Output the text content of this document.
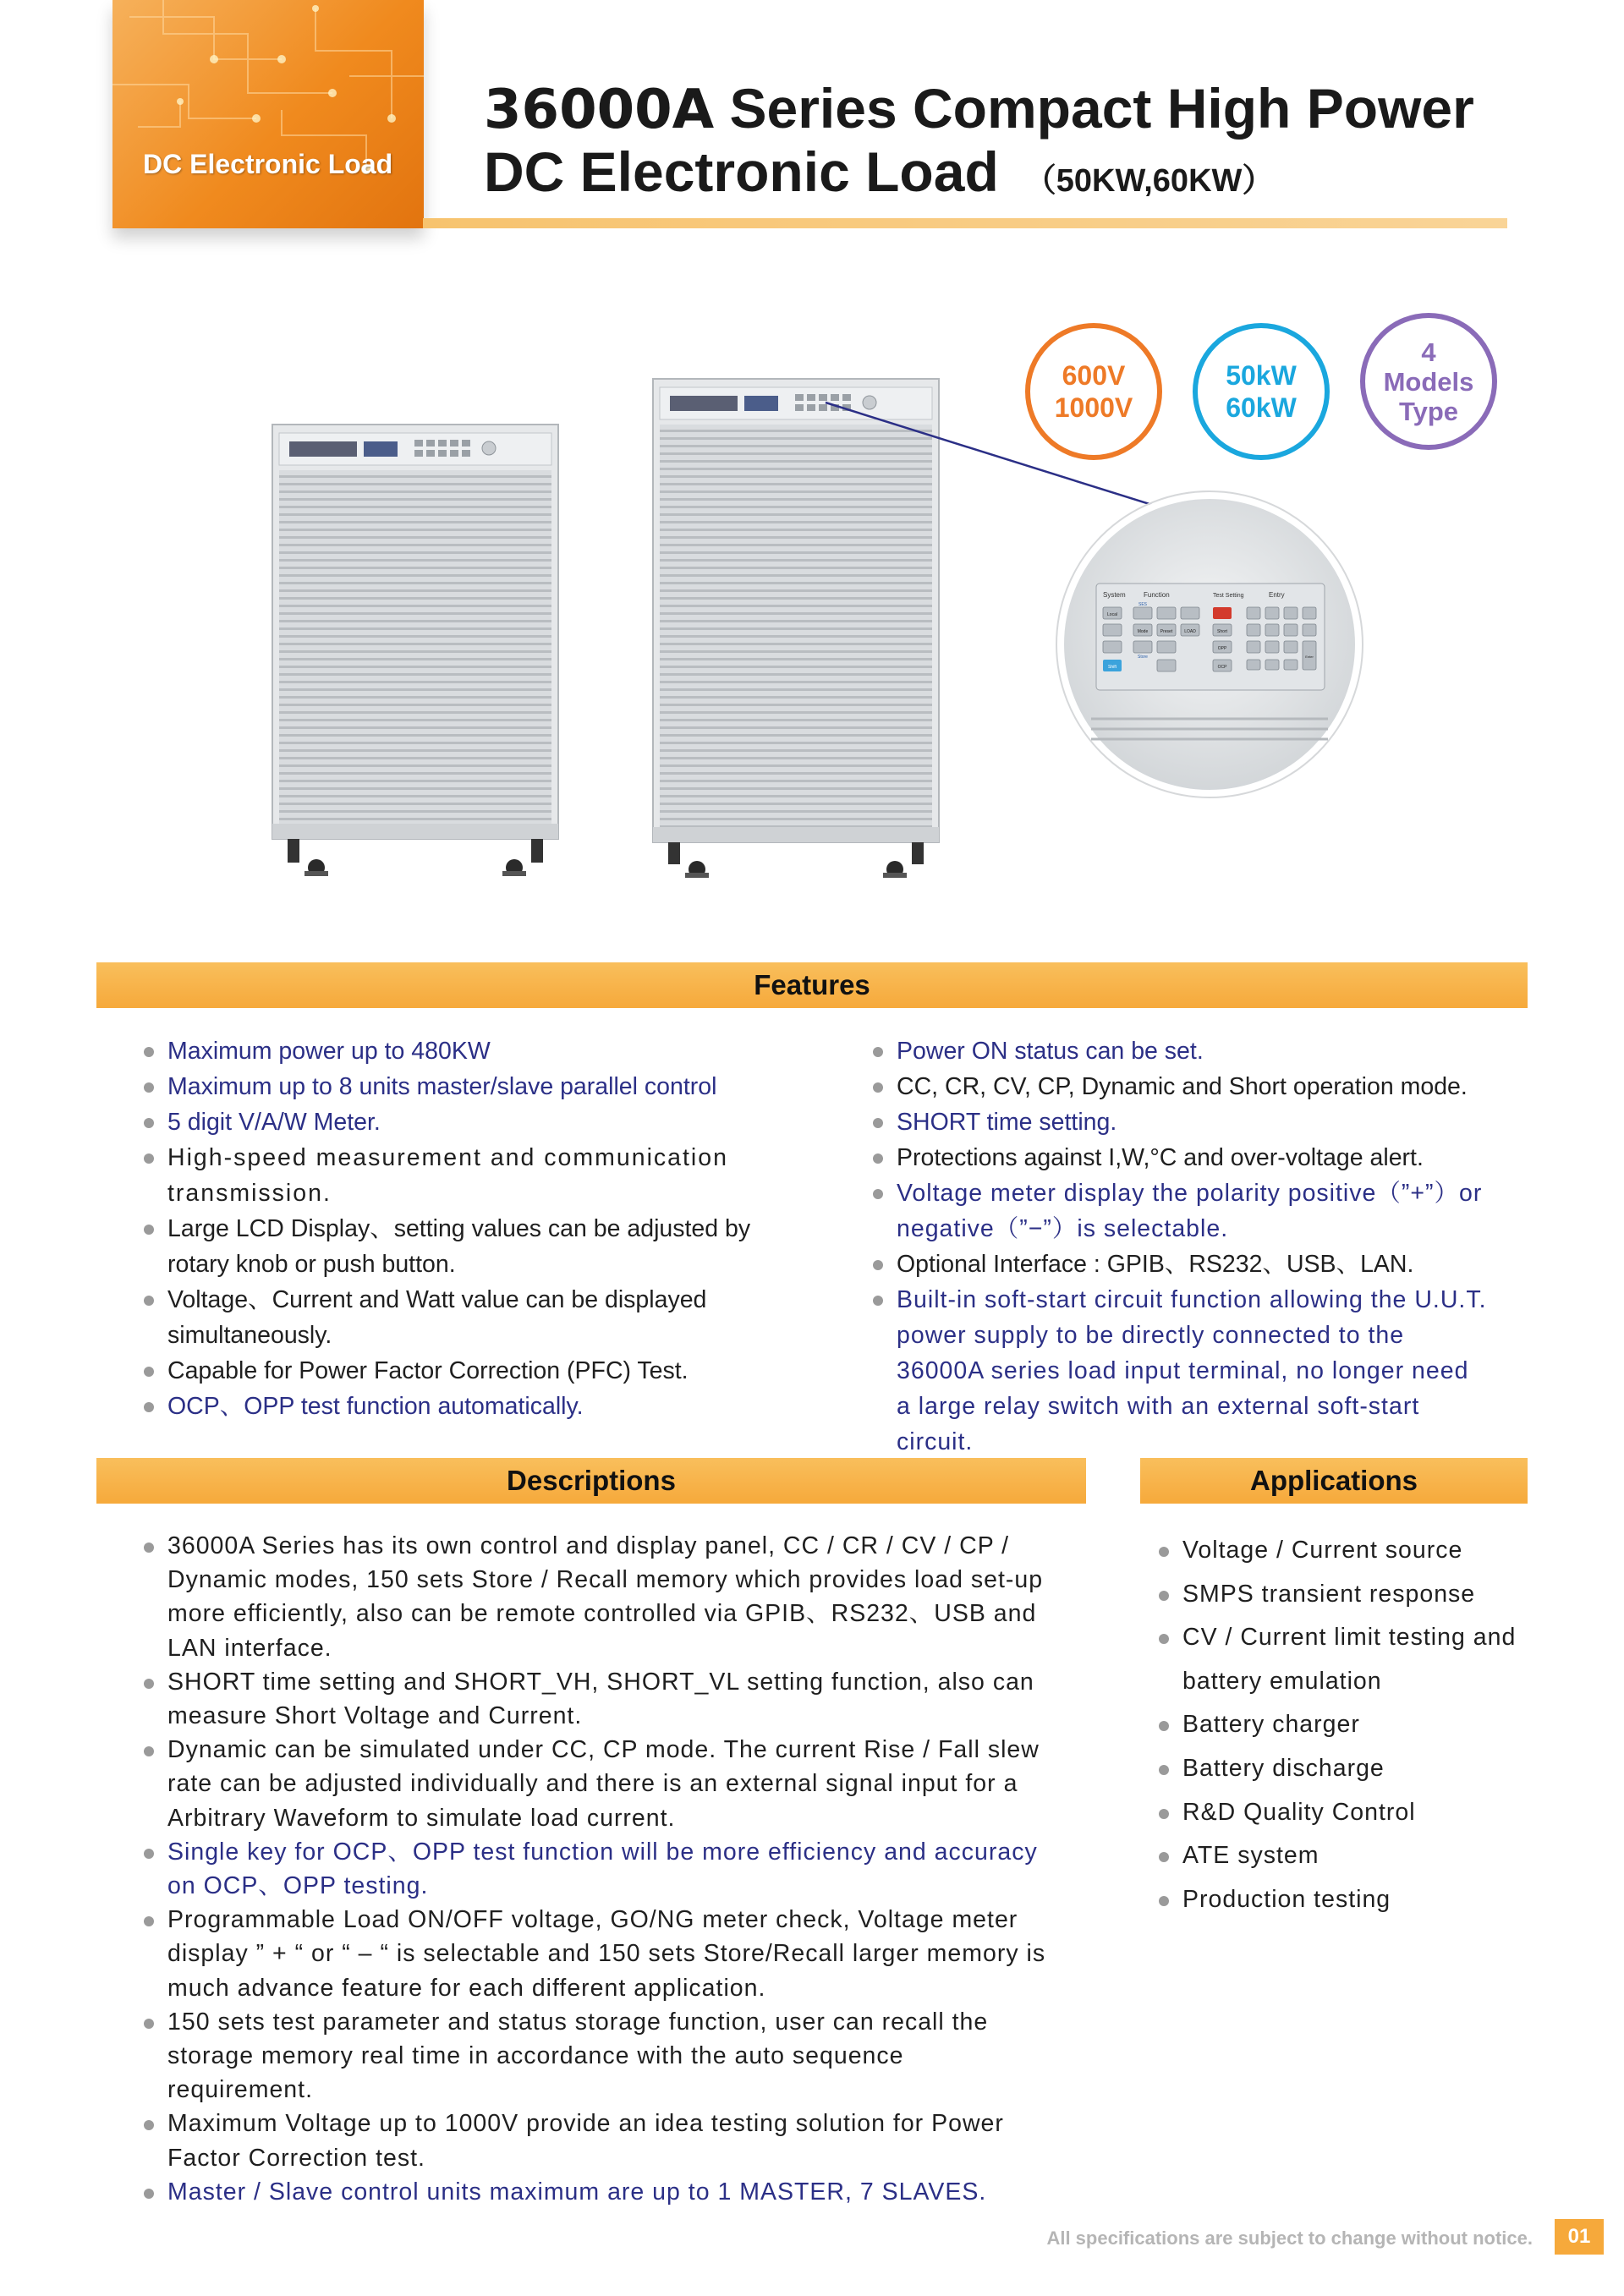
DC Electronic Load
36000A Series Compact High Power
DC Electronic Load （50KW,60KW）
600V
1000V
50kW
60kW
4
Models
Type
System	Function	Test Setting	Entry
Local
Shift
SES
Mode
Store
Preset	LOAD	Short
OPP
OCP
Enter
Features
Maximum power up to 480KW
Maximum up to 8 units master/slave parallel control
5 digit V/A/W Meter.
High-speed measurement and communication transmission.
Large LCD Display、setting values can be adjusted by rotary knob or push button.
Voltage、Current and Watt value can be displayed simultaneously.
Capable for Power Factor Correction (PFC) Test.
OCP、OPP test function automatically.
Power ON status can be set.
CC, CR, CV, CP, Dynamic and Short operation mode.
SHORT time setting.
Protections against I,W,°C and over-voltage alert.
Voltage meter display the polarity positive（”+”）or negative（”−”）is selectable.
Optional Interface : GPIB、RS232、USB、LAN.
Built-in soft-start circuit function allowing the U.U.T. power supply to be directly connected to the 36000A series load input terminal, no longer need a large relay switch with an external soft-start circuit.
Descriptions
36000A Series has its own control and display panel, CC / CR / CV / CP / Dynamic modes, 150 sets Store / Recall memory which provides load set-up more efficiently, also can be remote controlled via GPIB、RS232、USB and LAN interface.
SHORT time setting and SHORT_VH, SHORT_VL setting function, also can measure Short Voltage and Current.
Dynamic can be simulated under CC, CP mode. The current Rise / Fall slew rate can be adjusted individually and there is an external signal input for a Arbitrary Waveform to simulate load current.
Single key for OCP、OPP test function will be more efficiency and accuracy on OCP、OPP testing.
Programmable Load ON/OFF voltage, GO/NG meter check, Voltage meter display ” + “ or “ – “ is selectable and 150 sets Store/Recall larger memory is much advance feature for each different application.
150 sets test parameter and status storage function, user can recall the storage memory real time in accordance with the auto sequence requirement.
Maximum Voltage up to 1000V provide an idea testing solution for Power Factor Correction test.
Master / Slave control units maximum are up to 1 MASTER, 7 SLAVES.
Applications
Voltage / Current source
SMPS transient response
CV / Current limit testing and battery emulation
Battery charger
Battery discharge
R&D Quality Control
ATE system
Production testing
All specifications are subject to change without notice.	01
